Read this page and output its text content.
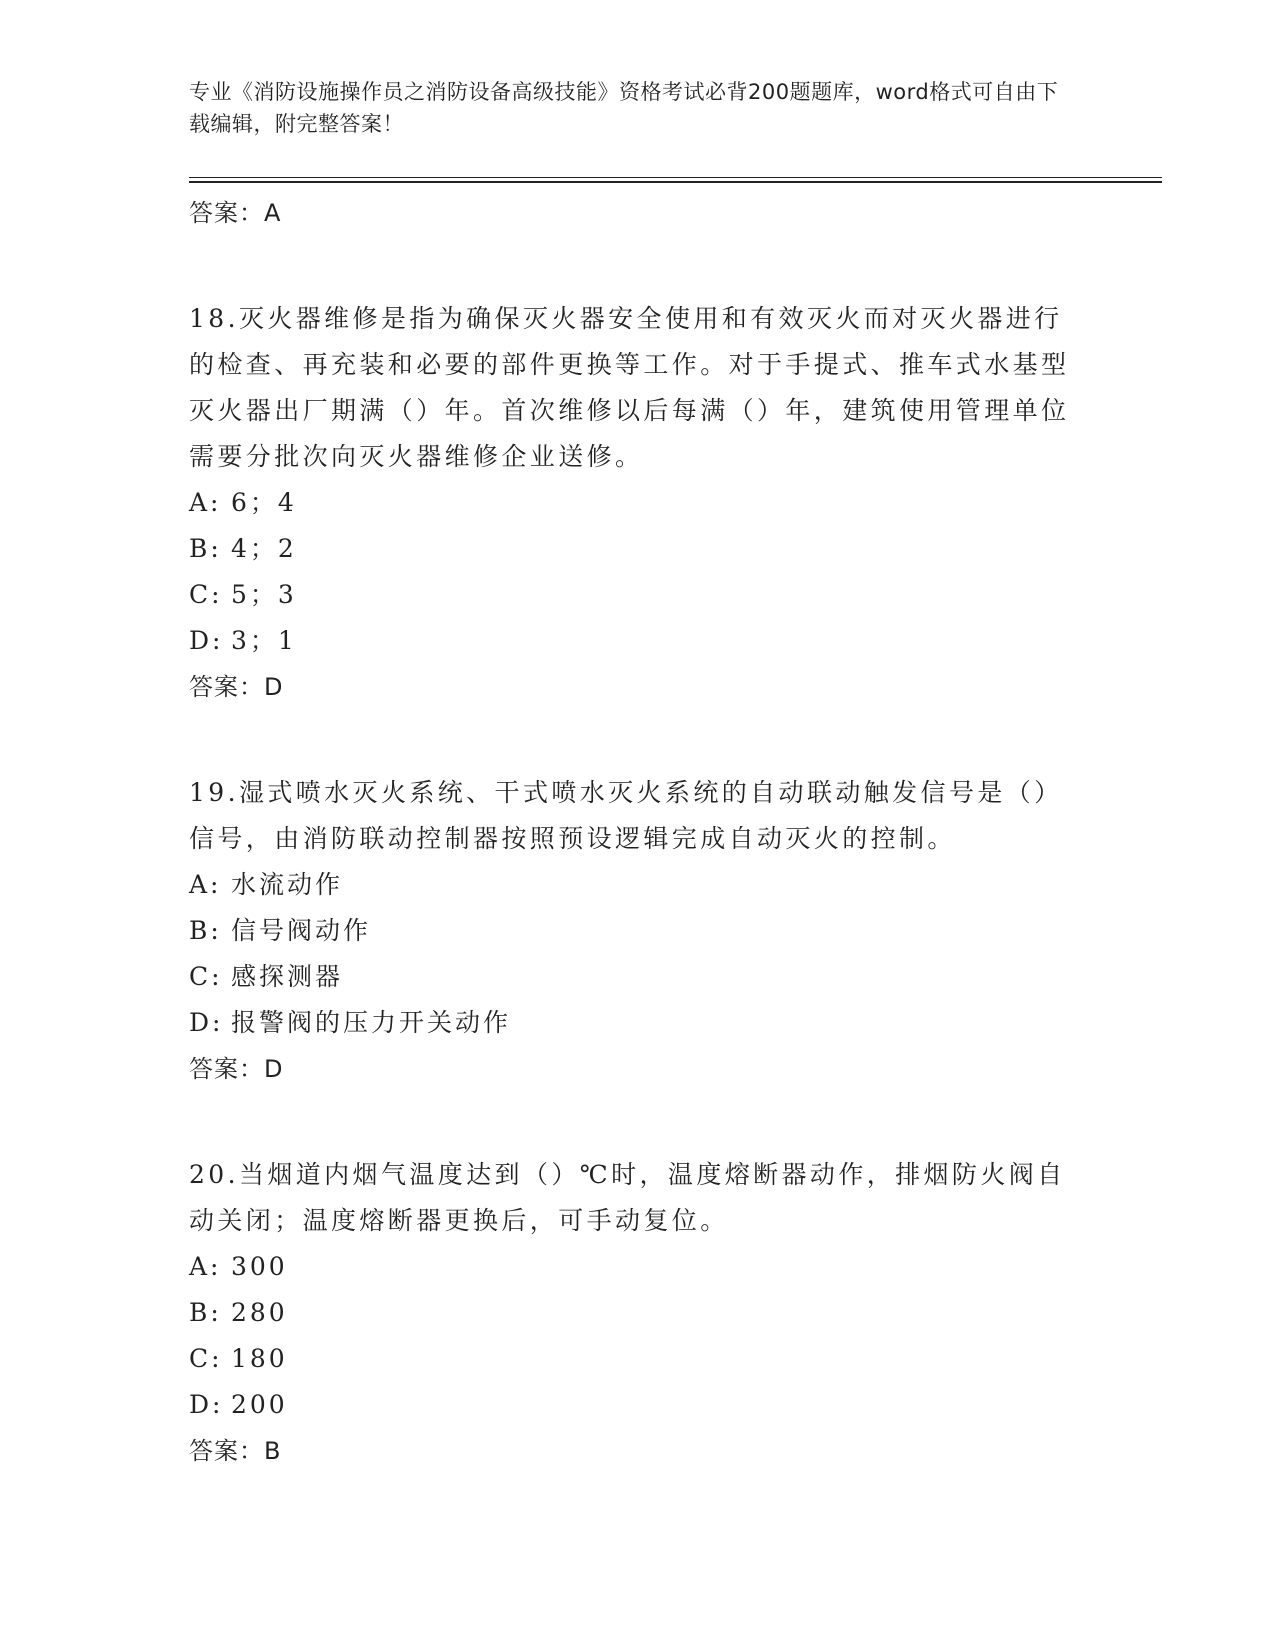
专业《消防设施操作员之消防设备高级技能》资格考试必背200题题库，word格式可自由下载编辑，附完整答案！
答案：A
18.灭火器维修是指为确保灭火器安全使用和有效灭火而对灭火器进行的检查、再充装和必要的部件更换等工作。对于手提式、推车式水基型灭火器出厂期满（）年。首次维修以后每满（）年，建筑使用管理单位需要分批次向灭火器维修企业送修。
A: 6；4
B: 4；2
C: 5；3
D: 3；1
答案：D
19.湿式喷水灭火系统、干式喷水灭火系统的自动联动触发信号是（）信号，由消防联动控制器按照预设逻辑完成自动灭火的控制。
A: 水流动作
B: 信号阀动作
C: 感探测器
D: 报警阀的压力开关动作
答案：D
20.当烟道内烟气温度达到（）℃时，温度熔断器动作，排烟防火阀自动关闭；温度熔断器更换后，可手动复位。
A: 300
B: 280
C: 180
D: 200
答案：B
